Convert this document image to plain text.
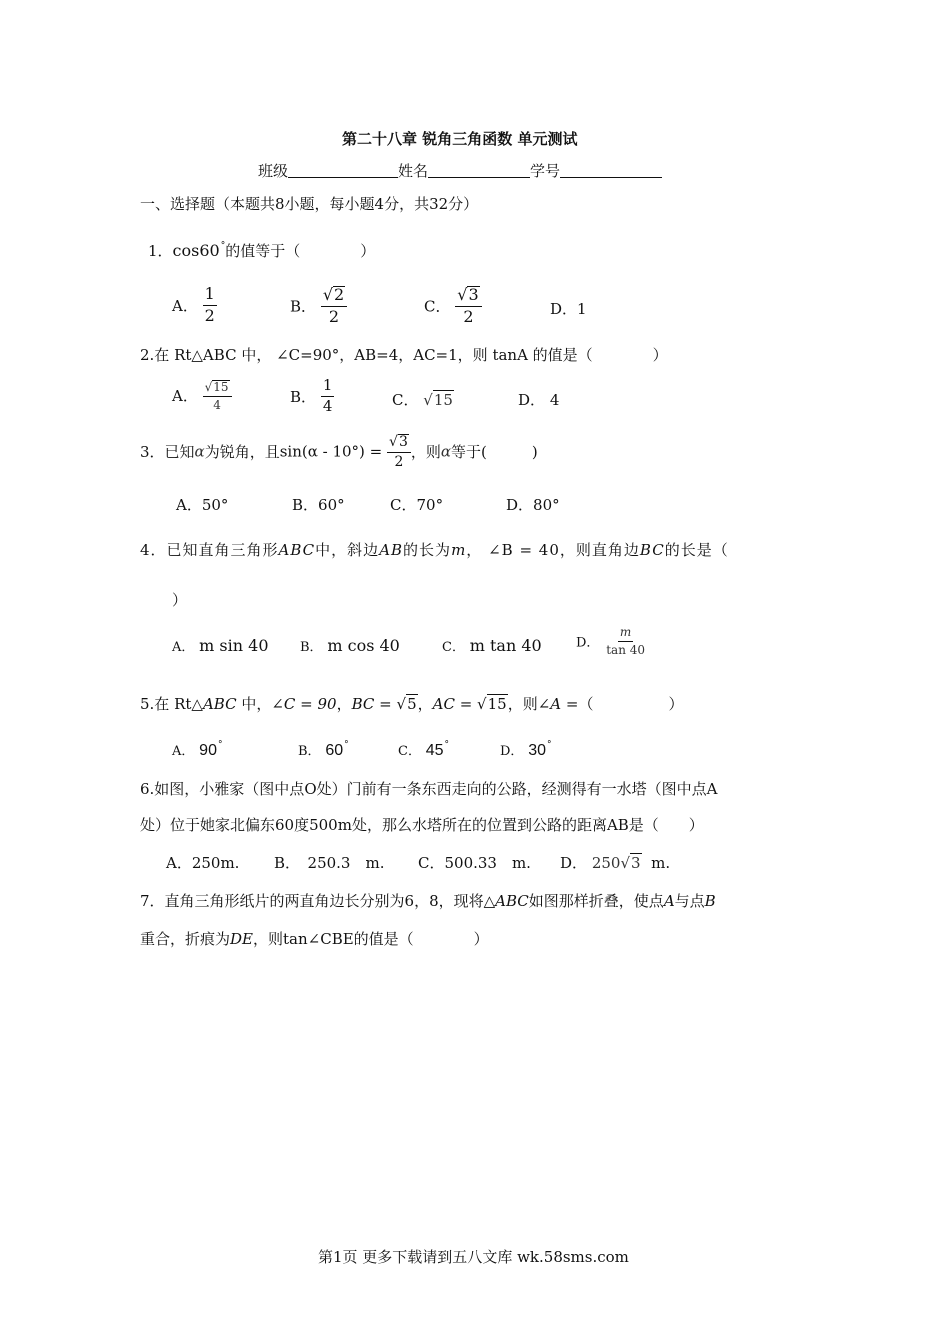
第二十八章 锐角三角函数 单元测试
班级	姓名	学号
一、选择题（本题共8小题，每小题4分，共32分）
1．cos60°的值等于（　　　　）
A． $\frac{1}{2}$	B． $\frac{√ 2}{2}$	C． $\frac{√ 3}{2}$	D．1
2.在 Rt△ABC 中， ∠C=90°，AB=4，AC=1，则 tanA 的值是（　　　　）
A． $\frac{√ 15}{4}$	B． $\frac{1}{4}$	C． √ 15	D． 4
3．已知α为锐角，且$\sin(\alpha - 10^\circ) = \frac{√ 3}{2}$ ，则α等于(　　　)
A．50°	B．60°	C．70°	D．80°
4．已知直角三角形ABC中，斜边AB的长为m， ∠B = 40，则直角边BC的长是（
）
A． m sin 40 B． m cos 40	C． m tan 40	D． $\frac{m}{\tan 40}$
5.在 Rt△ABC 中，∠C = 90，BC = √ 5 ，AC = √ 15 ，则∠A =（　　　　　）
A． 90°	B． 60°	C． 45°	D． 30°
6.如图，小雅家（图中点O处）门前有一条东西走向的公路，经测得有一水塔（图中点A
处）位于她家北偏东60度500m处，那么水塔所在的位置到公路的距离AB是（　　）
A．250m. B．　250.3　m. C．500.33　m. D． 250√ 3 m.
7．直角三角形纸片的两直角边长分别为6，8，现将△ABC如图那样折叠，使点A与点B
重合，折痕为DE，则tan∠CBE的值是（　　　　）
第1页 更多下载请到五八文库 wk.58sms.com
